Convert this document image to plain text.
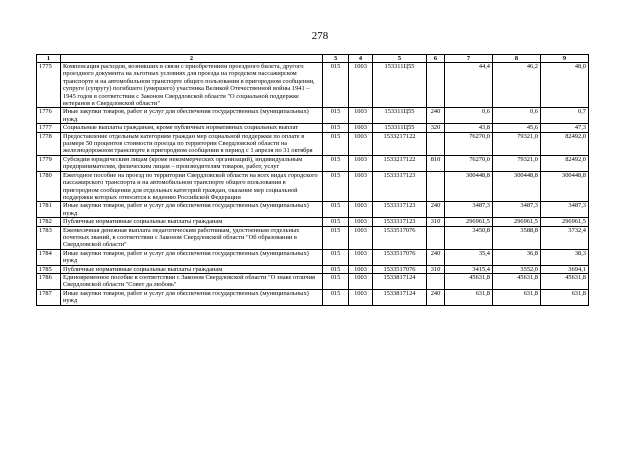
278
1	2	3	4	5	6	7	8	9
1775	Компенсация расходов, возникших в связи с приобретением проездного билета, другого проездного документа на льготных условиях для проезда на городском пассажирском транспорте и на автомобильном транспорте общего пользования в пригородном сообщении, супруге (супругу) погибшего (умершего) участника Великой Отечественной войны 1941 – 1945 годов в соответствии с Законом Свердловской области "О социальной поддержке ветеранов в Свердловской области"	015	1003	153311Ц55		44,4	46,2	48,0
1776	Иные закупки товаров, работ и услуг для обеспечения государственных (муниципальных) нужд	015	1003	153311Ц55	240	0,6	0,6	0,7
1777	Социальные выплаты гражданам, кроме публичных нормативных социальных выплат	015	1003	153311Ц55	320	43,8	45,6	47,3
1778	Предоставление отдельным категориям граждан мер социальной поддержки по оплате в размере 50 процентов стоимости проезда по территории Свердловской области на железнодорожном транспорте в пригородном сообщении в период с 1 апреля по 31 октября	015	1003	1533217122		76270,0	79321,0	82492,0
1779	Субсидии юридическим лицам (кроме некоммерческих организаций), индивидуальным предпринимателям, физическим лицам – производителям товаров, работ, услуг	015	1003	1533217122	810	76270,0	79321,0	82492,0
1780	Ежегодное пособие на проезд по территории Свердловской области на всех видах городского пассажирского транспорта и на автомобильном транспорте общего пользования в пригородном сообщении для отдельных категорий граждан, оказание мер социальной поддержки которых относится к ведению Российской Федерации	015	1003	1533317123		300448,8	300448,8	300448,8
1781	Иные закупки товаров, работ и услуг для обеспечения государственных (муниципальных) нужд	015	1003	1533317123	240	3487,3	3487,3	3487,3
1782	Публичные нормативные социальные выплаты гражданам	015	1003	1533317123	310	296961,5	296961,5	296961,5
1783	Ежемесячная денежная выплата педагогическим работникам, удостоенным отдельных почетных званий, в соответствии с Законом Свердловской области "Об образовании в Свердловской области"	015	1003	1533517076		3450,8	3588,8	3732,4
1784	Иные закупки товаров, работ и услуг для обеспечения государственных (муниципальных) нужд	015	1003	1533517076	240	35,4	36,8	38,3
1785	Публичные нормативные социальные выплаты гражданам	015	1003	1533517076	310	3415,4	3552,0	3694,1
1786	Единовременное пособие в соответствии с Законом Свердловской области "О знаке отличия Свердловской области "Совет да любовь"	015	1003	1533817124		45631,8	45631,8	45631,8
1787	Иные закупки товаров, работ и услуг для обеспечения государственных (муниципальных) нужд	015	1003	1533817124	240	631,8	631,8	631,8
